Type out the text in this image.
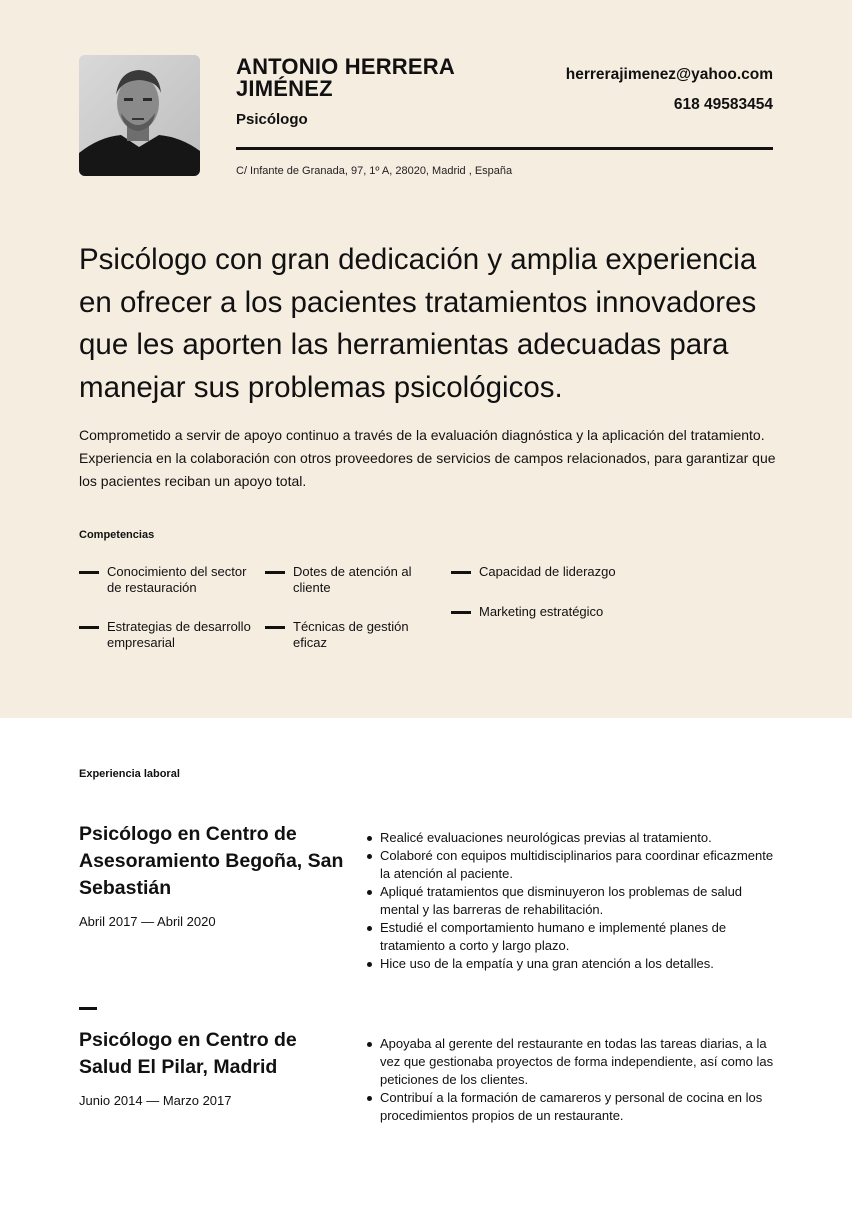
ANTONIO HERRERA JIMÉNEZ
Psicólogo
herrerajimenez@yahoo.com
618 49583454
C/ Infante de Granada, 97, 1º A, 28020, Madrid , España
Psicólogo con gran dedicación y amplia experiencia en ofrecer a los pacientes tratamientos innovadores que les aporten las herramientas adecuadas para manejar sus problemas psicológicos.
Comprometido a servir de apoyo continuo a través de la evaluación diagnóstica y la aplicación del tratamiento. Experiencia en la colaboración con otros proveedores de servicios de campos relacionados, para garantizar que los pacientes reciban un apoyo total.
Competencias
Conocimiento del sector de restauración
Dotes de atención al cliente
Capacidad de liderazgo
Marketing estratégico
Estrategias de desarrollo empresarial
Técnicas de gestión eficaz
Experiencia laboral
Psicólogo en Centro de Asesoramiento Begoña, San Sebastián
Abril 2017 — Abril 2020
Realicé evaluaciones neurológicas previas al tratamiento.
Colaboré con equipos multidisciplinarios para coordinar eficazmente la atención al paciente.
Apliqué tratamientos que disminuyeron los problemas de salud mental y las barreras de rehabilitación.
Estudié el comportamiento humano e implementé planes de tratamiento a corto y largo plazo.
Hice uso de la empatía y una gran atención a los detalles.
Psicólogo en Centro de Salud El Pilar, Madrid
Junio 2014 — Marzo 2017
Apoyaba al gerente del restaurante en todas las tareas diarias, a la vez que gestionaba proyectos de forma independiente, así como las peticiones de los clientes.
Contribuí a la formación de camareros y personal de cocina en los procedimientos propios de un restaurante.
